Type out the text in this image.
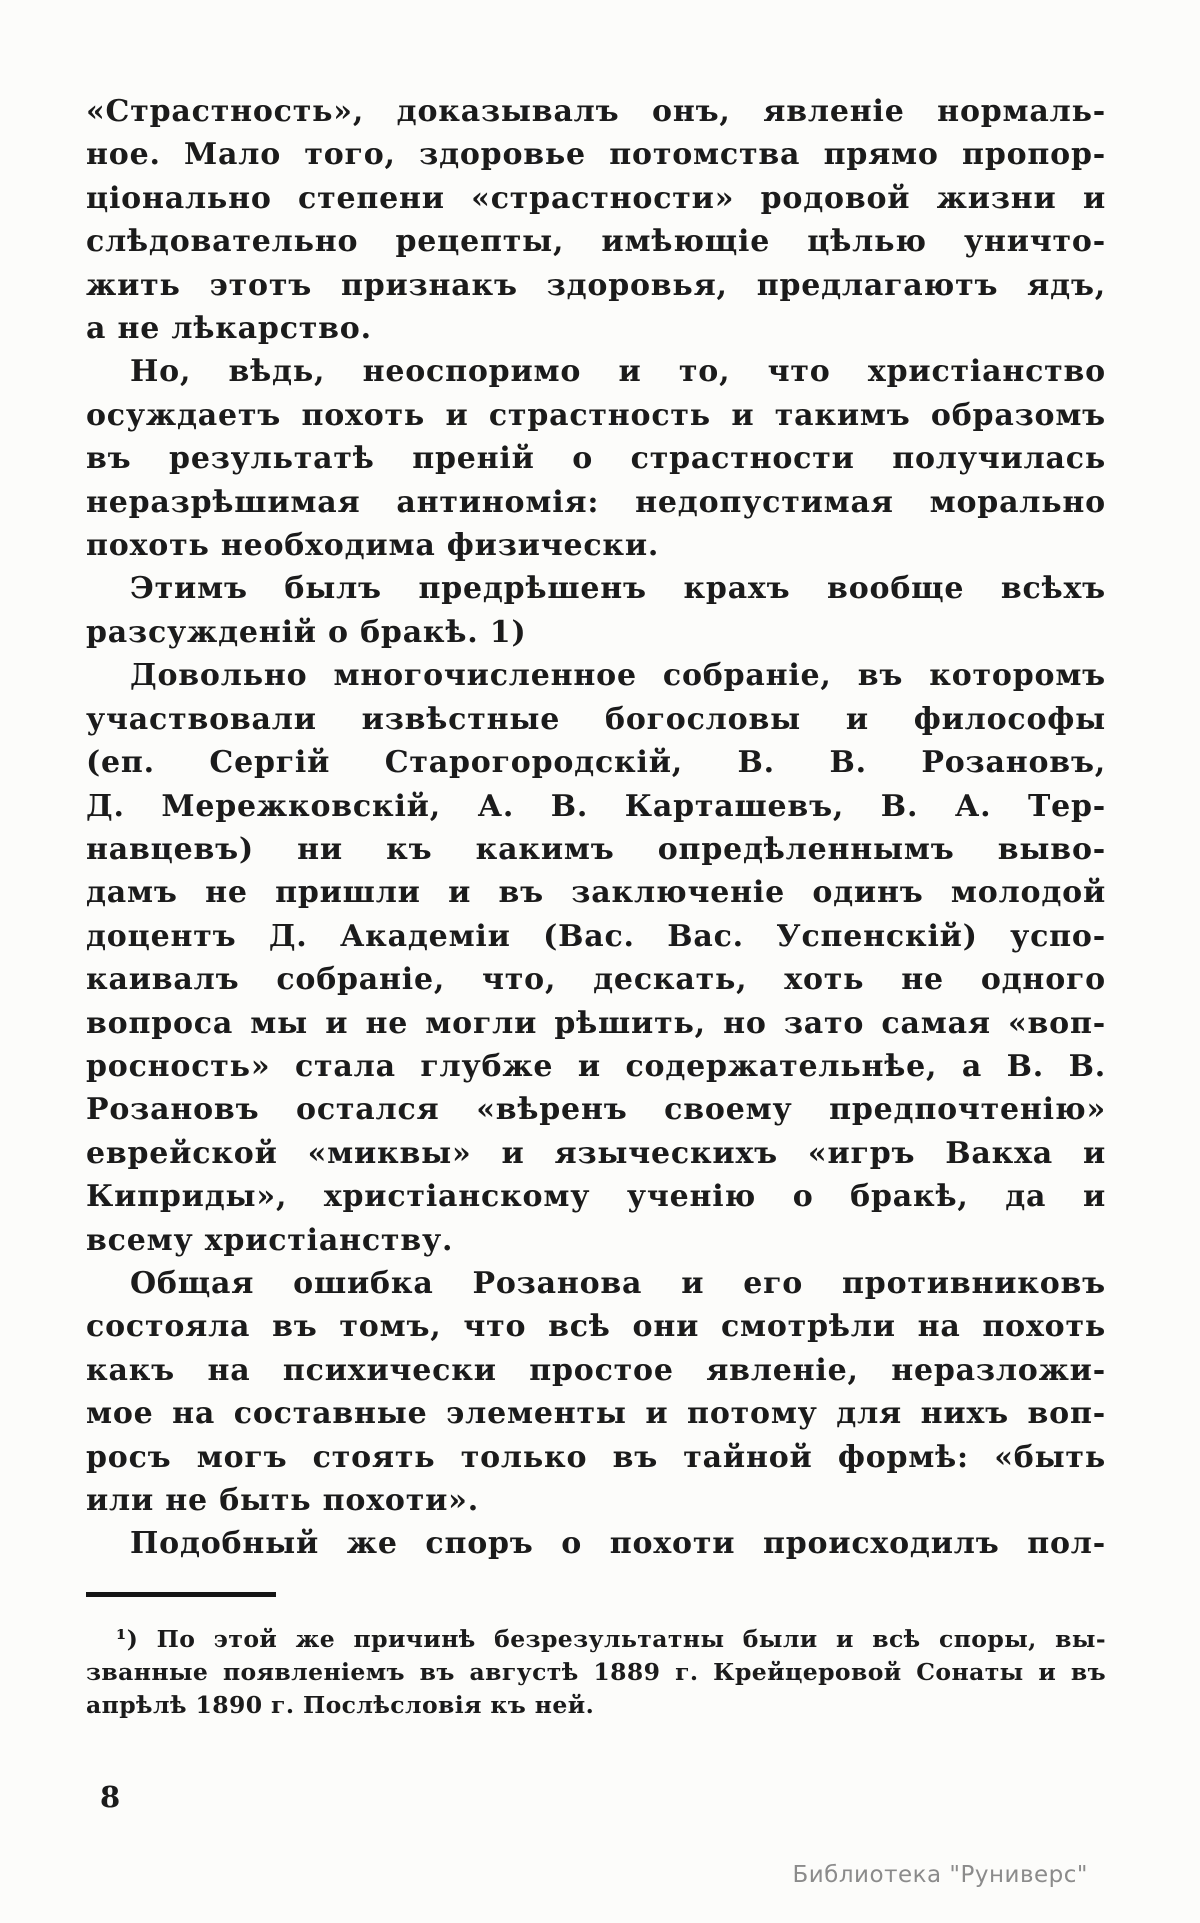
«Страстность», доказывалъ онъ, явленіе нормаль-
ное. Мало того, здоровье потомства прямо пропор-
ціонально степени «страстности» родовой жизни и
слѣдовательно рецепты, имѣющіе цѣлью уничто-
жить этотъ признакъ здоровья, предлагаютъ ядъ,
а не лѣкарство.
Но, вѣдь, неоспоримо и то, что христіанство
осуждаетъ похоть и страстность и такимъ образомъ
въ результатѣ преній о страстности получилась
неразрѣшимая антиномія: недопустимая морально
похоть необходима физически.
Этимъ былъ предрѣшенъ крахъ вообще всѣхъ
разсужденій о бракѣ. 1)
Довольно многочисленное собраніе, въ которомъ
участвовали извѣстные богословы и философы
(еп. Сергій Старогородскій, В. В. Розановъ,
Д. Мережковскій, А. В. Карташевъ, В. А. Тер-
навцевъ) ни къ какимъ опредѣленнымъ выво-
дамъ не пришли и въ заключеніе одинъ молодой
доцентъ Д. Академіи (Вас. Вас. Успенскій) успо-
каивалъ собраніе, что, дескать, хоть не одного
вопроса мы и не могли рѣшить, но зато самая «воп-
росность» стала глубже и содержательнѣе, а В. В.
Розановъ остался «вѣренъ своему предпочтенію»
еврейской «миквы» и языческихъ «игръ Вакха и
Киприды», христіанскому ученію о бракѣ, да и
всему христіанству.
Общая ошибка Розанова и его противниковъ
состояла въ томъ, что всѣ они смотрѣли на похоть
какъ на психически простое явленіе, неразложи-
мое на составные элементы и потому для нихъ воп-
росъ могъ стоять только въ тайной формѣ: «быть
или не быть похоти».
Подобный же споръ о похоти происходилъ пол-
¹) По этой же причинѣ безрезультатны были и всѣ споры, вы-
званные появленіемъ въ августѣ 1889 г. Крейцеровой Сонаты и въ
апрѣлѣ 1890 г. Послѣсловія къ ней.
8
Библиотека "Руниверс"
